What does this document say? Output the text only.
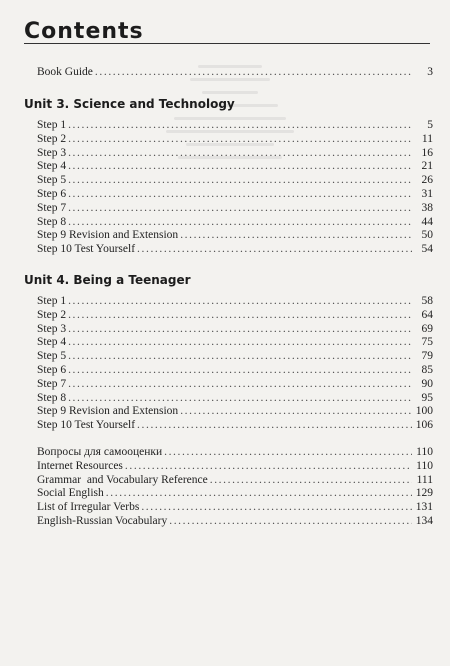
Contents
Book Guide .....	3
Unit 3. Science and Technology
Step 1 .....	5
Step 2 .....	11
Step 3 .....	16
Step 4 .....	21
Step 5 .....	26
Step 6 .....	31
Step 7 .....	38
Step 8 .....	44
Step 9 Revision and Extension .....	50
Step 10 Test Yourself .....	54
Unit 4. Being a Teenager
Step 1 .....	58
Step 2 .....	64
Step 3 .....	69
Step 4 .....	75
Step 5 .....	79
Step 6 .....	85
Step 7 .....	90
Step 8 .....	95
Step 9 Revision and Extension .....	100
Step 10 Test Yourself .....	106
Вопросы для самооценки .....	110
Internet Resources .....	110
Grammar  and Vocabulary Reference .....	111
Social English .....	129
List of Irregular Verbs .....	131
English-Russian Vocabulary .....	134
